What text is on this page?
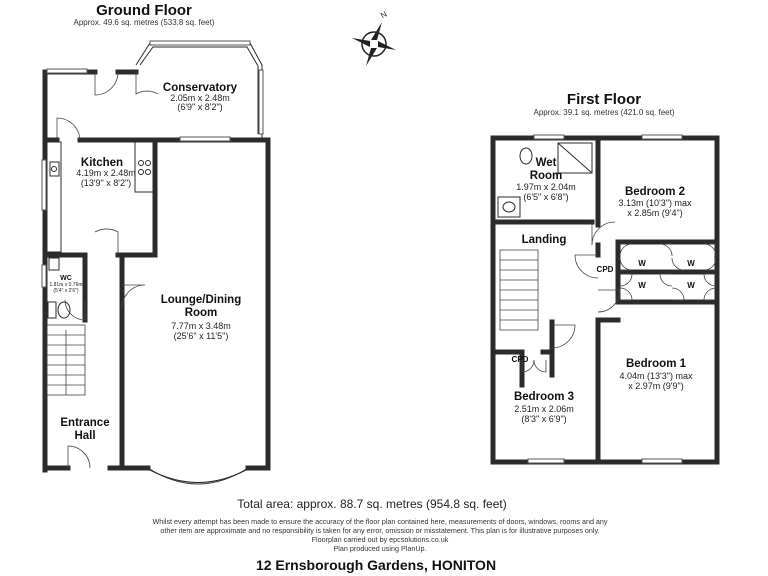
Ground Floor
Approx. 49.6 sq. metres (533.8 sq. feet)
Conservatory
2.05m x 2.48m
(6'9" x 8'2")
Kitchen
4.19m x 2.48m
(13'9" x 8'2")
WC
1.81m x 0.76m
(5'4" x 2'6")
Lounge/Dining
Room
7.77m x 3.48m
(25'6" x 11'5")
Entrance
Hall
N
First Floor
Approx. 39.1 sq. metres (421.0 sq. feet)
Wet
Room
1.97m x 2.04m
(6'5" x 6'8")	Bedroom 2
3.13m (10'3") max
x 2.85m (9'4")
Landing
CPD
W	W
W	W
CPD	Bedroom 1
4.04m (13'3") max
x 2.97m (9'9")
Bedroom 3
2.51m x 2.06m
(8'3" x 6'9")
Total area: approx. 88.7 sq. metres (954.8 sq. feet)
Whilst every attempt has been made to ensure the accuracy of the floor plan contained here, measurements of doors, windows, rooms and any
other item are approximate and no responsibility is taken for any error, omission or misstatement. This plan is for illustrative purposes only.
Floorplan carried out by epcsolutions.co.uk
Plan produced using PlanUp.
12 Ernsborough Gardens, HONITON
